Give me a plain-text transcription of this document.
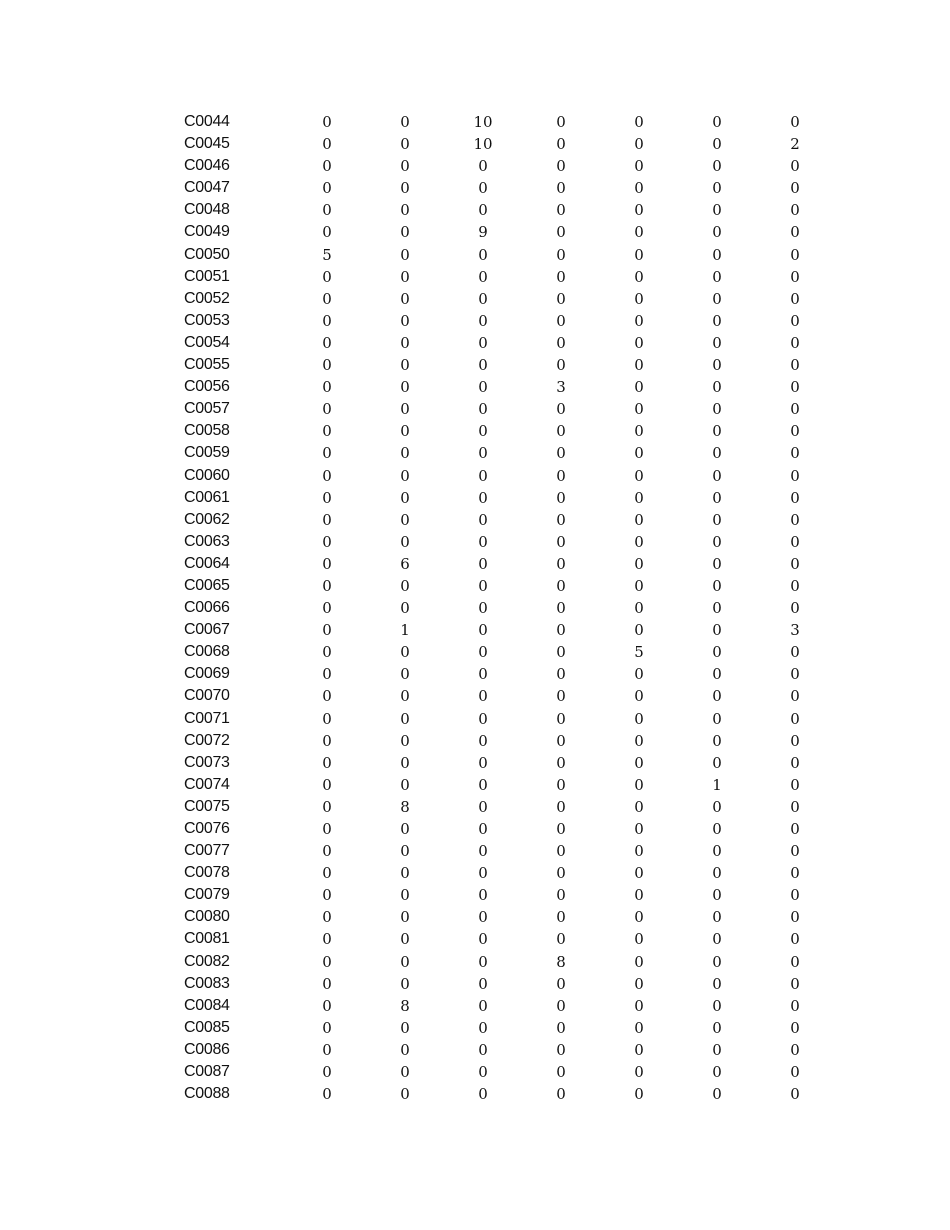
C0044	0	0	10	0	0	0	0
C0045	0	0	10	0	0	0	2
C0046	0	0	0	0	0	0	0
C0047	0	0	0	0	0	0	0
C0048	0	0	0	0	0	0	0
C0049	0	0	9	0	0	0	0
C0050	5	0	0	0	0	0	0
C0051	0	0	0	0	0	0	0
C0052	0	0	0	0	0	0	0
C0053	0	0	0	0	0	0	0
C0054	0	0	0	0	0	0	0
C0055	0	0	0	0	0	0	0
C0056	0	0	0	3	0	0	0
C0057	0	0	0	0	0	0	0
C0058	0	0	0	0	0	0	0
C0059	0	0	0	0	0	0	0
C0060	0	0	0	0	0	0	0
C0061	0	0	0	0	0	0	0
C0062	0	0	0	0	0	0	0
C0063	0	0	0	0	0	0	0
C0064	0	6	0	0	0	0	0
C0065	0	0	0	0	0	0	0
C0066	0	0	0	0	0	0	0
C0067	0	1	0	0	0	0	3
C0068	0	0	0	0	5	0	0
C0069	0	0	0	0	0	0	0
C0070	0	0	0	0	0	0	0
C0071	0	0	0	0	0	0	0
C0072	0	0	0	0	0	0	0
C0073	0	0	0	0	0	0	0
C0074	0	0	0	0	0	1	0
C0075	0	8	0	0	0	0	0
C0076	0	0	0	0	0	0	0
C0077	0	0	0	0	0	0	0
C0078	0	0	0	0	0	0	0
C0079	0	0	0	0	0	0	0
C0080	0	0	0	0	0	0	0
C0081	0	0	0	0	0	0	0
C0082	0	0	0	8	0	0	0
C0083	0	0	0	0	0	0	0
C0084	0	8	0	0	0	0	0
C0085	0	0	0	0	0	0	0
C0086	0	0	0	0	0	0	0
C0087	0	0	0	0	0	0	0
C0088	0	0	0	0	0	0	0
